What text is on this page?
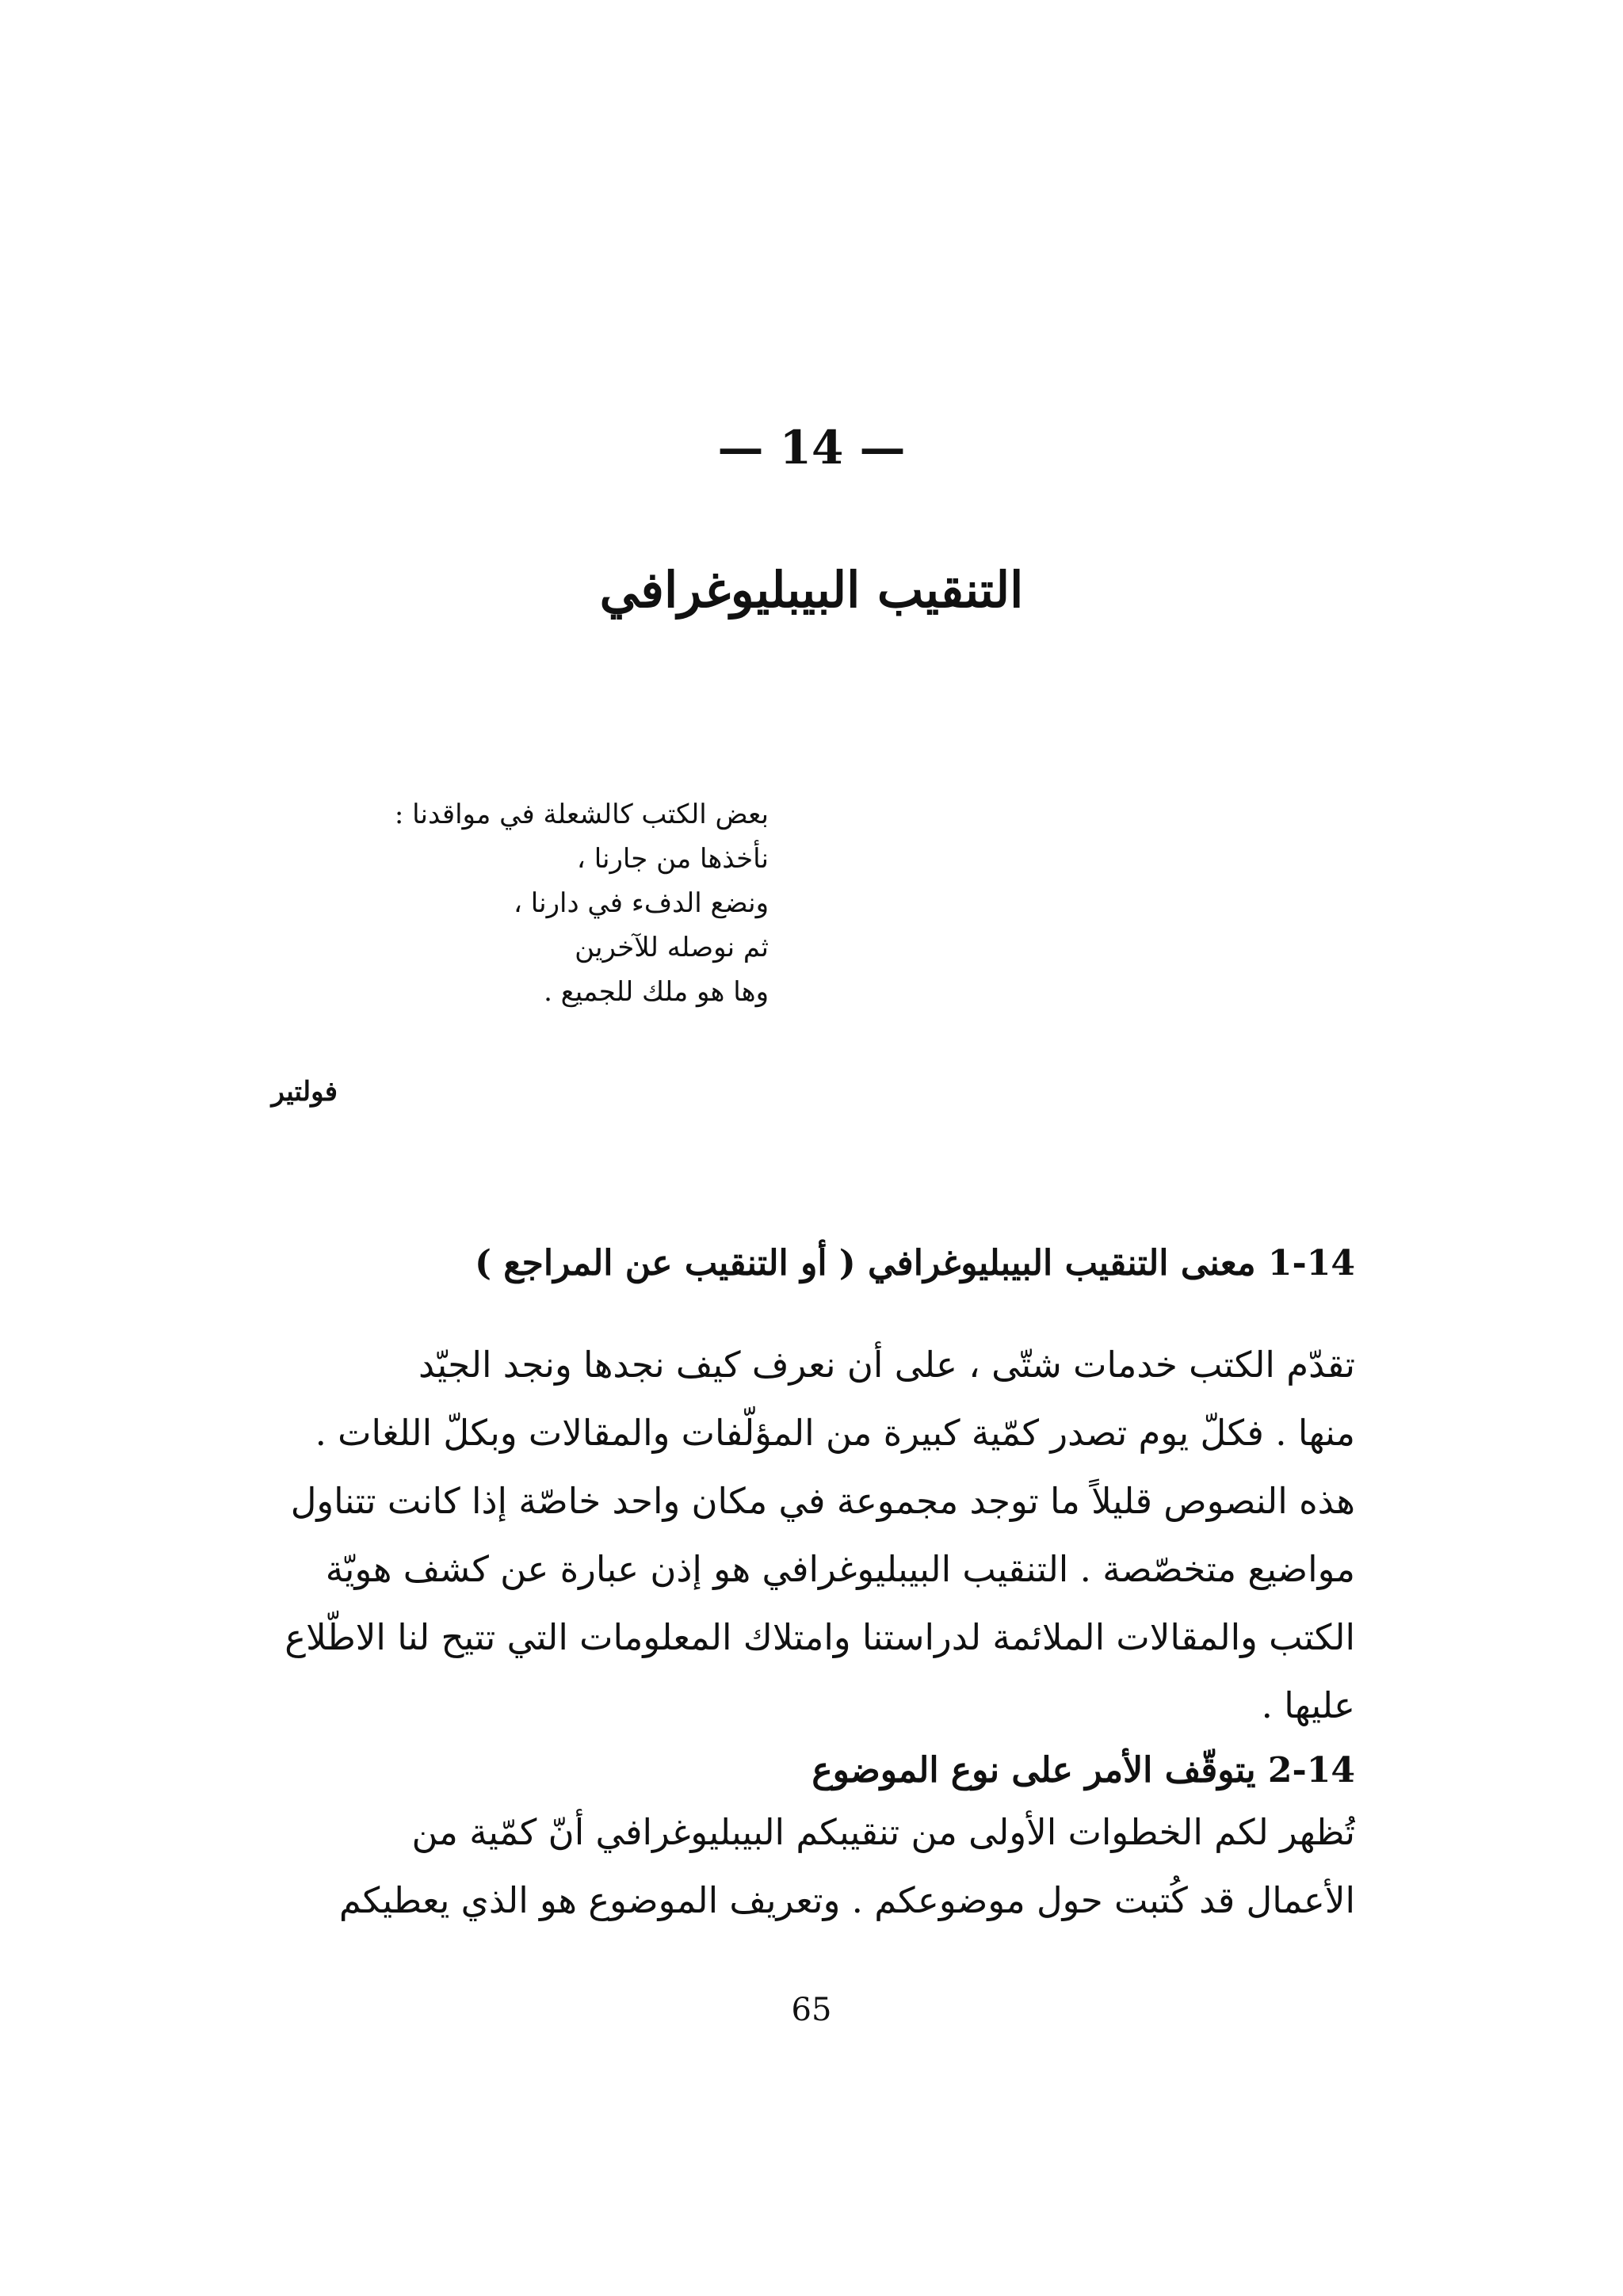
— 14 —
التنقيب البيبليوغرافي
بعض الكتب كالشعلة في مواقدنا :
نأخذها من جارنا ،
ونضع الدفء في دارنا ،
ثم نوصله للآخرين
وها هو ملك للجميع .
فولتير
1-14 معنى التنقيب البيبليوغرافي ( أو التنقيب عن المراجع )
تقدّم الكتب خدمات شتّى ، على أن نعرف كيف نجدها ونجد الجيّد
منها . فكلّ يوم تصدر كمّية كبيرة من المؤلّفات والمقالات وبكلّ اللغات .
هذه النصوص قليلاً ما توجد مجموعة في مكان واحد خاصّة إذا كانت تتناول
مواضيع متخصّصة . التنقيب البيبليوغرافي هو إذن عبارة عن كشف هويّة
الكتب والمقالات الملائمة لدراستنا وامتلاك المعلومات التي تتيح لنا الاطّلاع
عليها .
2-14 يتوقّف الأمر على نوع الموضوع
تُظهر لكم الخطوات الأولى من تنقيبكم البيبليوغرافي أنّ كمّية من
الأعمال قد كُتبت حول موضوعكم . وتعريف الموضوع هو الذي يعطيكم
65
